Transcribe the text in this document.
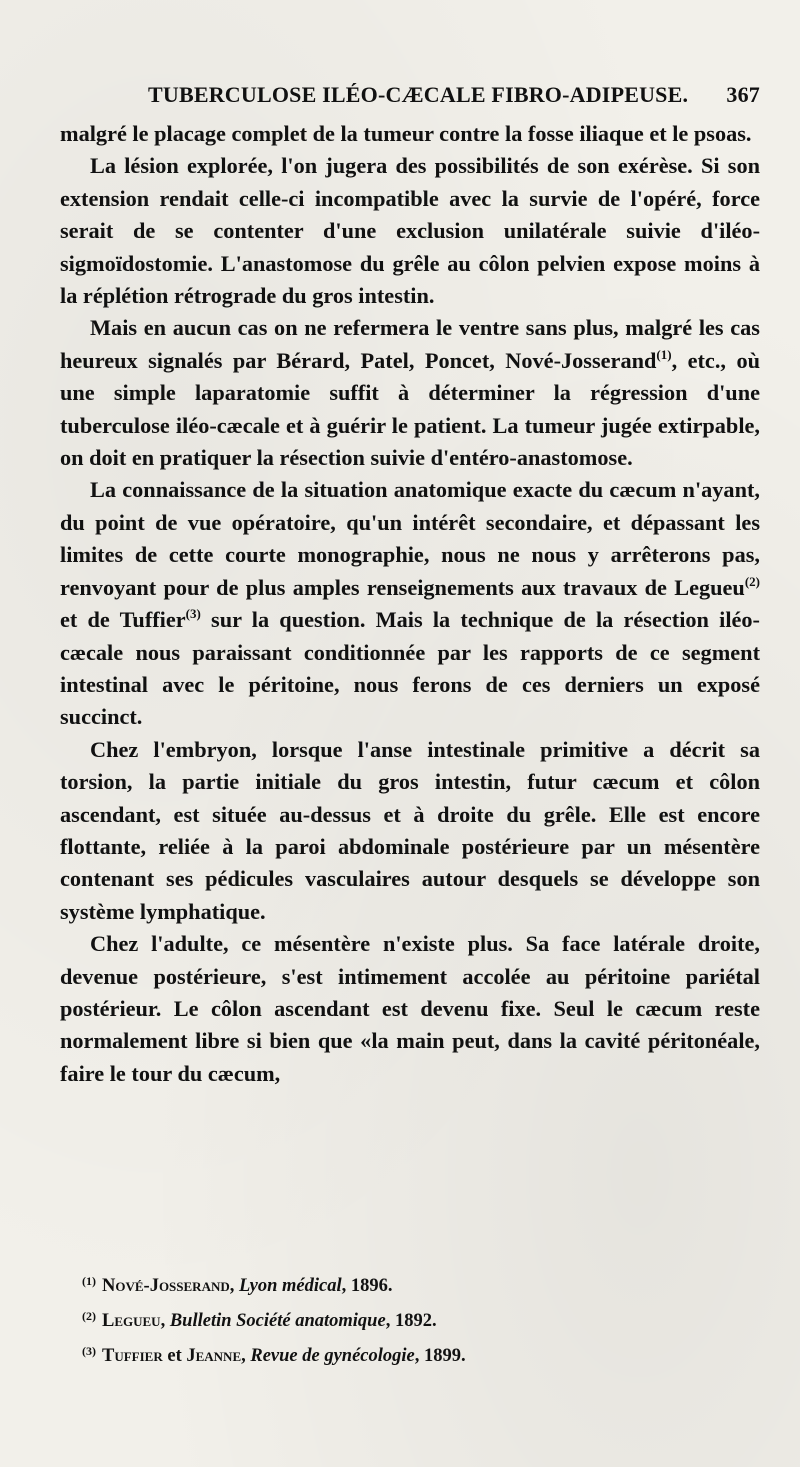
TUBERCULOSE ILÉO-CÆCALE FIBRO-ADIPEUSE. 367

malgré le placage complet de la tumeur contre la fosse iliaque et le psoas.

La lésion explorée, l'on jugera des possibilités de son exérèse. Si son extension rendait celle-ci incompatible avec la survie de l'opéré, force serait de se contenter d'une exclusion unilatérale suivie d'iléo-sigmoïdostomie. L'anastomose du grêle au côlon pelvien expose moins à la réplétion rétrograde du gros intestin.

Mais en aucun cas on ne refermera le ventre sans plus, malgré les cas heureux signalés par Bérard, Patel, Poncet, Nové-Josserand$^{(1)}$, etc., où une simple laparatomie suffit à déterminer la régression d'une tuberculose iléo-cæcale et à guérir le patient. La tumeur jugée extirpable, on doit en pratiquer la résection suivie d'entéro-anastomose.

La connaissance de la situation anatomique exacte du cæcum n'ayant, du point de vue opératoire, qu'un intérêt secondaire, et dépassant les limites de cette courte monographie, nous ne nous y arrêterons pas, renvoyant pour de plus amples renseignements aux travaux de Legueu$^{(2)}$ et de Tuffier$^{(3)}$ sur la question. Mais la technique de la résection iléo-cæcale nous paraissant conditionnée par les rapports de ce segment intestinal avec le péritoine, nous ferons de ces derniers un exposé succinct.

Chez l'embryon, lorsque l'anse intestinale primitive a décrit sa torsion, la partie initiale du gros intestin, futur cæcum et côlon ascendant, est située au-dessus et à droite du grêle. Elle est encore flottante, reliée à la paroi abdominale postérieure par un mésentère contenant ses pédicules vasculaires autour desquels se développe son système lymphatique.

Chez l'adulte, ce mésentère n'existe plus. Sa face latérale droite, devenue postérieure, s'est intimement accolée au péritoine pariétal postérieur. Le côlon ascendant est devenu fixe. Seul le cæcum reste normalement libre si bien que «la main peut, dans la cavité péritonéale, faire le tour du cæcum,

$^{(1)}$ Nové-Josserand, Lyon médical, 1896.
$^{(2)}$ Legueu, Bulletin Société anatomique, 1892.
$^{(3)}$ Tuffier et Jeanne, Revue de gynécologie, 1899.
